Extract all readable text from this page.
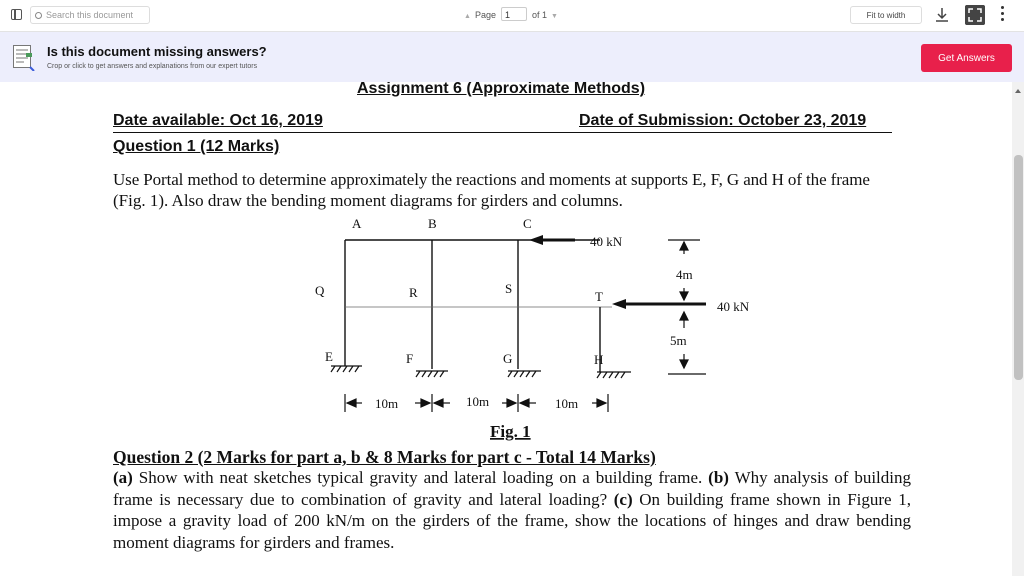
Search this document	▲ Page 1 of 1 ▼	Fit to width
Is this document missing answers?
Crop or click to get answers and explanations from our expert tutors
Get Answers
Assignment 6 (Approximate Methods)
Date available: Oct 16, 2019	Date of Submission: October 23, 2019
Question 1 (12 Marks)
Use Portal method to determine approximately the reactions and moments at supports E, F, G and H of the frame
(Fig. 1). Also draw the bending moment diagrams for girders and columns.
A	B	C
Q	R	S
T
E	F	G	H
40 kN
40 kN
4m
5m
10m	10m	10m
Fig. 1
Question 2 (2 Marks for part a, b & 8 Marks for part c - Total 14 Marks)
(a) Show with neat sketches typical gravity and lateral loading on a building frame. (b) Why analysis of building frame is necessary due to combination of gravity and lateral loading? (c) On building frame shown in Figure 1, impose a gravity load of 200 kN/m on the girders of the frame, show the locations of hinges and draw bending moment diagrams for girders and frames.
